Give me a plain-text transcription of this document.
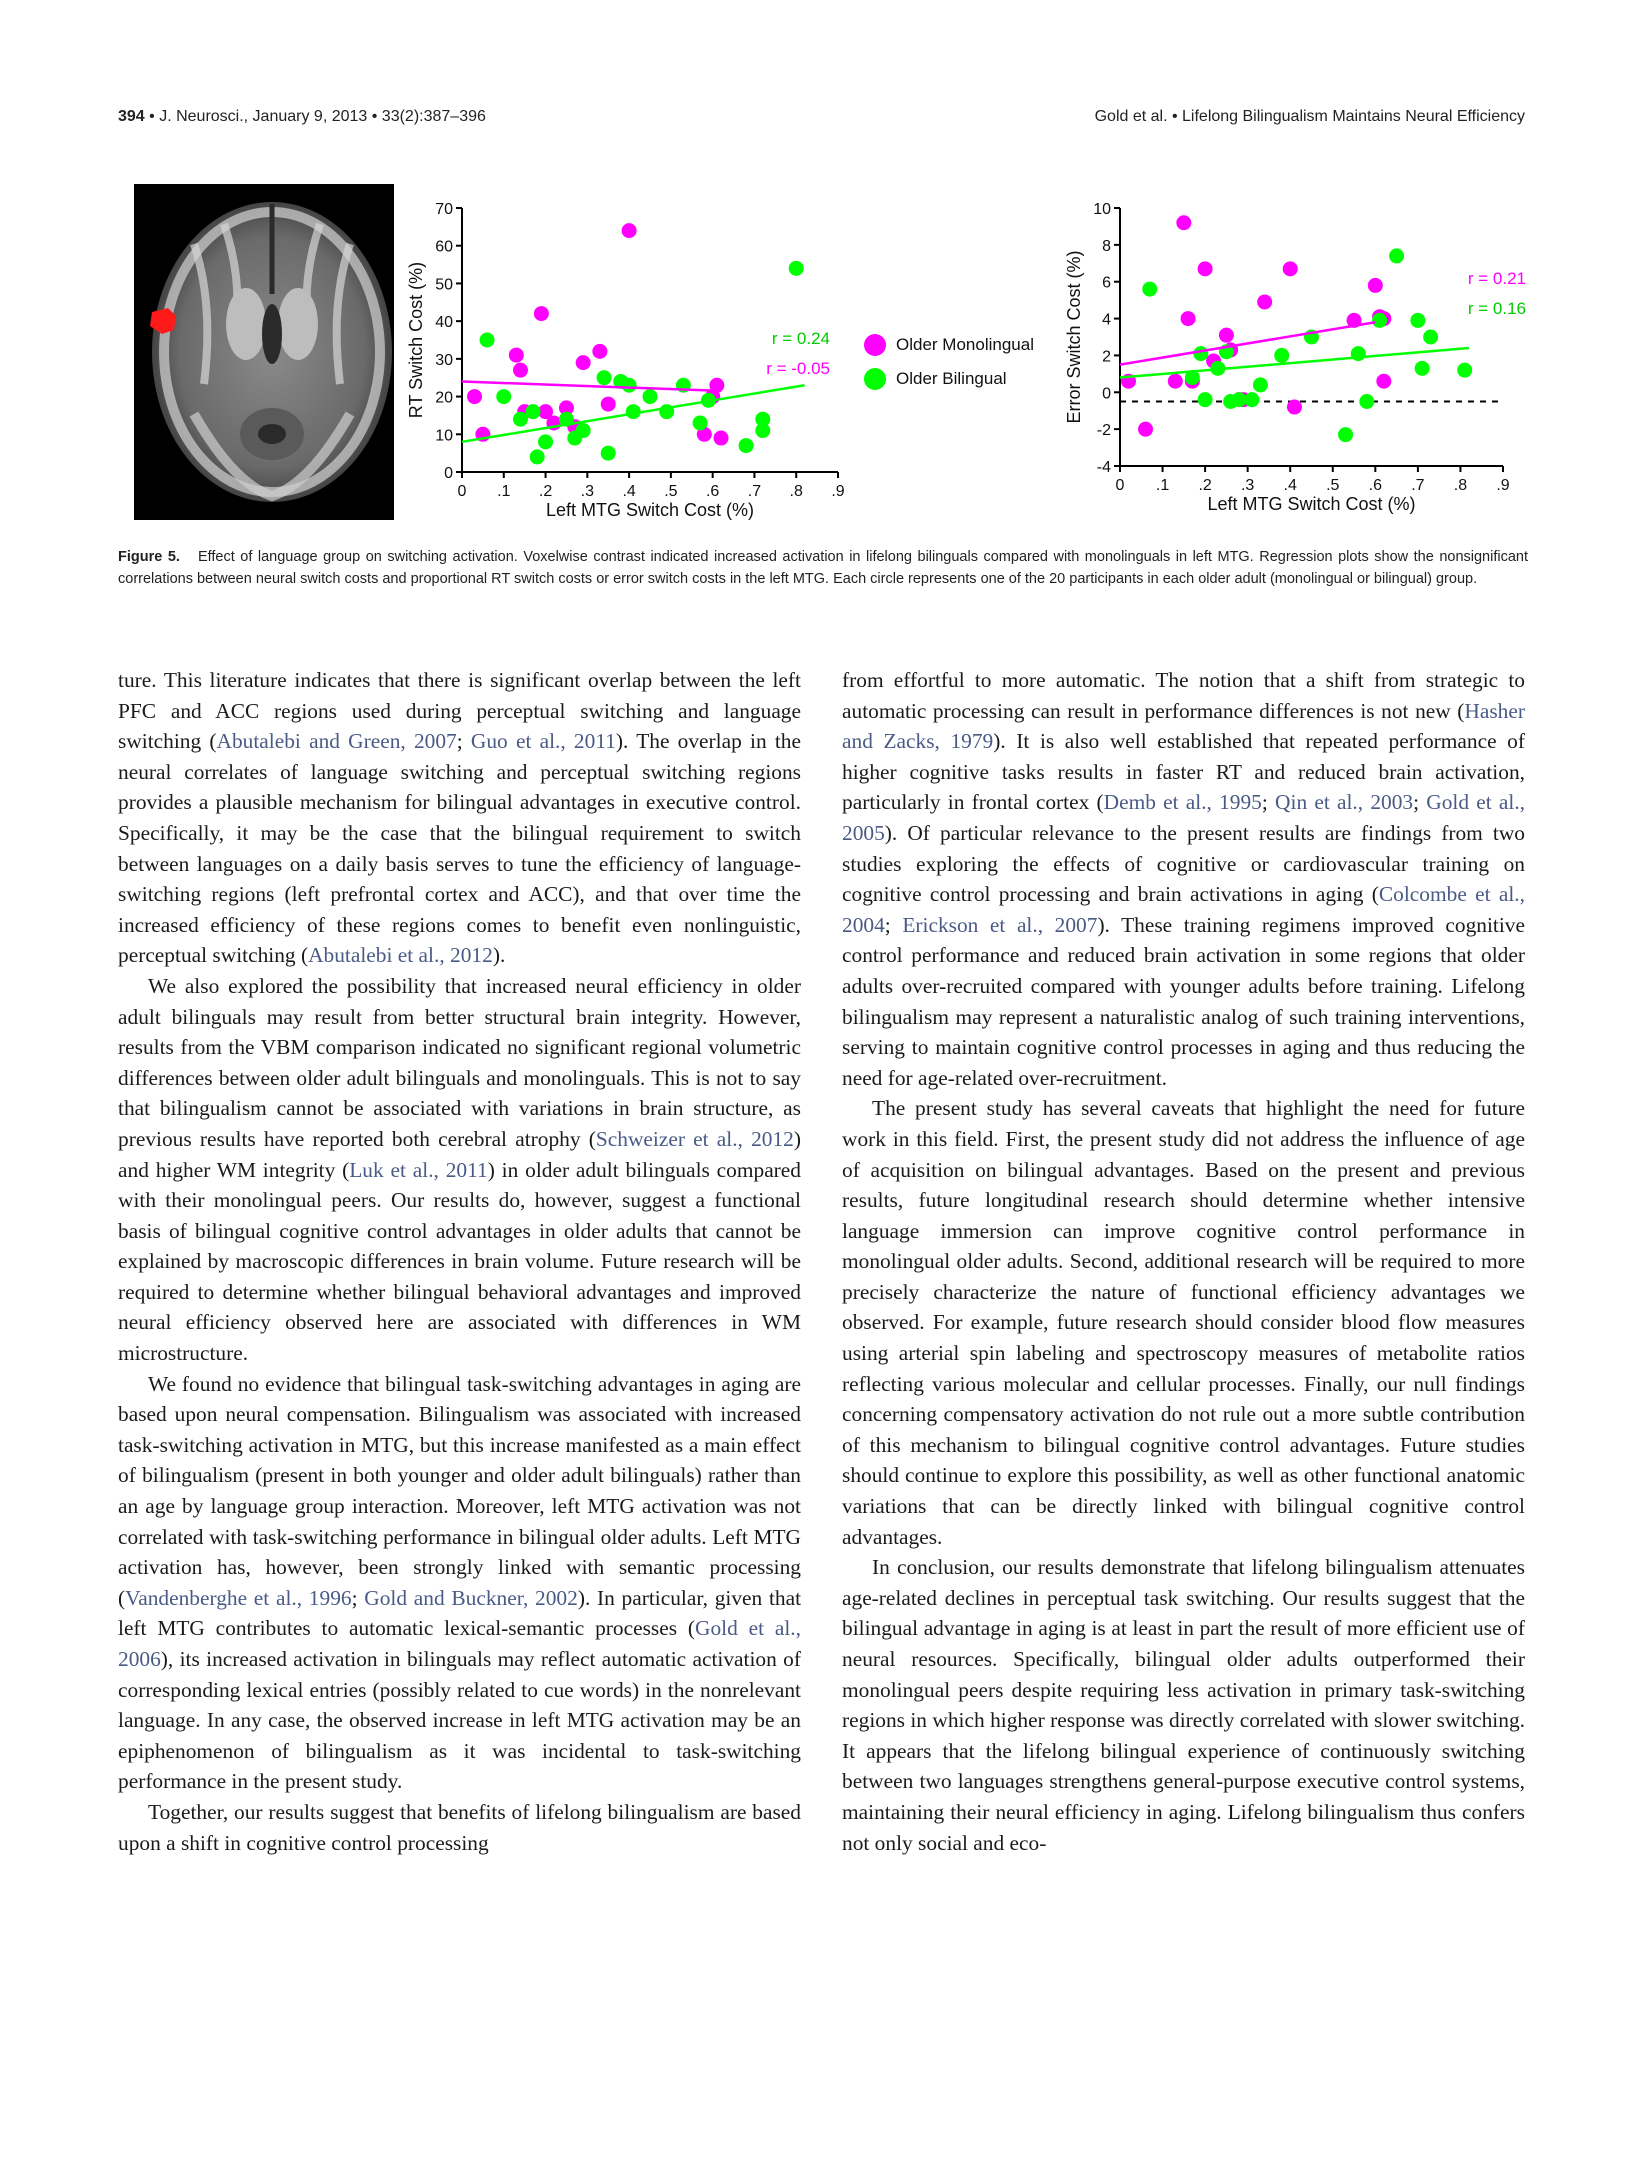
394 • J. Neurosci., January 9, 2013 • 33(2):387–396	Gold et al. • Lifelong Bilingualism Maintains Neural Efficiency
0
10
20
30
40
50
60
70
0 .1 .2 .3 .4 .5 .6 .7 .8 .9
Left MTG Switch Cost (%)
RT Switch Cost (%)	r = 0.24
r = -0.05
Older Monolingual
Older Bilingual
-4
-2
0
2
4
6
8
10
0 .1 .2 .3 .4 .5 .6 .7 .8 .9
Left MTG Switch Cost (%)
Error Switch Cost (%)	r = 0.21
r = 0.16
Figure 5. Effect of language group on switching activation. Voxelwise contrast indicated increased activation in lifelong bilinguals compared with monolinguals in left MTG. Regression plots show the nonsignificant correlations between neural switch costs and proportional RT switch costs or error switch costs in the left MTG. Each circle represents one of the 20 participants in each older adult (monolingual or bilingual) group.

ture. This literature indicates that there is significant overlap between the left PFC and ACC regions used during perceptual switching and language switching (Abutalebi and Green, 2007; Guo et al., 2011). The overlap in the neural correlates of language switching and perceptual switching regions provides a plausible mechanism for bilingual advantages in executive control. Specifically, it may be the case that the bilingual requirement to switch between languages on a daily basis serves to tune the efficiency of language-switching regions (left prefrontal cortex and ACC), and that over time the increased efficiency of these regions comes to benefit even nonlinguistic, perceptual switching (Abutalebi et al., 2012).

We also explored the possibility that increased neural efficiency in older adult bilinguals may result from better structural brain integrity. However, results from the VBM comparison indicated no significant regional volumetric differences between older adult bilinguals and monolinguals. This is not to say that bilingualism cannot be associated with variations in brain structure, as previous results have reported both cerebral atrophy (Schweizer et al., 2012) and higher WM integrity (Luk et al., 2011) in older adult bilinguals compared with their monolingual peers. Our results do, however, suggest a functional basis of bilingual cognitive control advantages in older adults that cannot be explained by macroscopic differences in brain volume. Future research will be required to determine whether bilingual behavioral advantages and improved neural efficiency observed here are associated with differences in WM microstructure.

We found no evidence that bilingual task-switching advantages in aging are based upon neural compensation. Bilingualism was associated with increased task-switching activation in MTG, but this increase manifested as a main effect of bilingualism (present in both younger and older adult bilinguals) rather than an age by language group interaction. Moreover, left MTG activation was not correlated with task-switching performance in bilingual older adults. Left MTG activation has, however, been strongly linked with semantic processing (Vandenberghe et al., 1996; Gold and Buckner, 2002). In particular, given that left MTG contributes to automatic lexical-semantic processes (Gold et al., 2006), its increased activation in bilinguals may reflect automatic activation of corresponding lexical entries (possibly related to cue words) in the nonrelevant language. In any case, the observed increase in left MTG activation may be an epiphenomenon of bilingualism as it was incidental to task-switching performance in the present study.

Together, our results suggest that benefits of lifelong bilingualism are based upon a shift in cognitive control processing

from effortful to more automatic. The notion that a shift from strategic to automatic processing can result in performance differences is not new (Hasher and Zacks, 1979). It is also well established that repeated performance of higher cognitive tasks results in faster RT and reduced brain activation, particularly in frontal cortex (Demb et al., 1995; Qin et al., 2003; Gold et al., 2005). Of particular relevance to the present results are findings from two studies exploring the effects of cognitive or cardiovascular training on cognitive control processing and brain activations in aging (Colcombe et al., 2004; Erickson et al., 2007). These training regimens improved cognitive control performance and reduced brain activation in some regions that older adults over-recruited compared with younger adults before training. Lifelong bilingualism may represent a naturalistic analog of such training interventions, serving to maintain cognitive control processes in aging and thus reducing the need for age-related over-recruitment.

The present study has several caveats that highlight the need for future work in this field. First, the present study did not address the influence of age of acquisition on bilingual advantages. Based on the present and previous results, future longitudinal research should determine whether intensive language immersion can improve cognitive control performance in monolingual older adults. Second, additional research will be required to more precisely characterize the nature of functional efficiency advantages we observed. For example, future research should consider blood flow measures using arterial spin labeling and spectroscopy measures of metabolite ratios reflecting various molecular and cellular processes. Finally, our null findings concerning compensatory activation do not rule out a more subtle contribution of this mechanism to bilingual cognitive control advantages. Future studies should continue to explore this possibility, as well as other functional anatomic variations that can be directly linked with bilingual cognitive control advantages.

In conclusion, our results demonstrate that lifelong bilingualism attenuates age-related declines in perceptual task switching. Our results suggest that the bilingual advantage in aging is at least in part the result of more efficient use of neural resources. Specifically, bilingual older adults outperformed their monolingual peers despite requiring less activation in primary task-switching regions in which higher response was directly correlated with slower switching. It appears that the lifelong bilingual experience of continuously switching between two languages strengthens general-purpose executive control systems, maintaining their neural efficiency in aging. Lifelong bilingualism thus confers not only social and eco-
